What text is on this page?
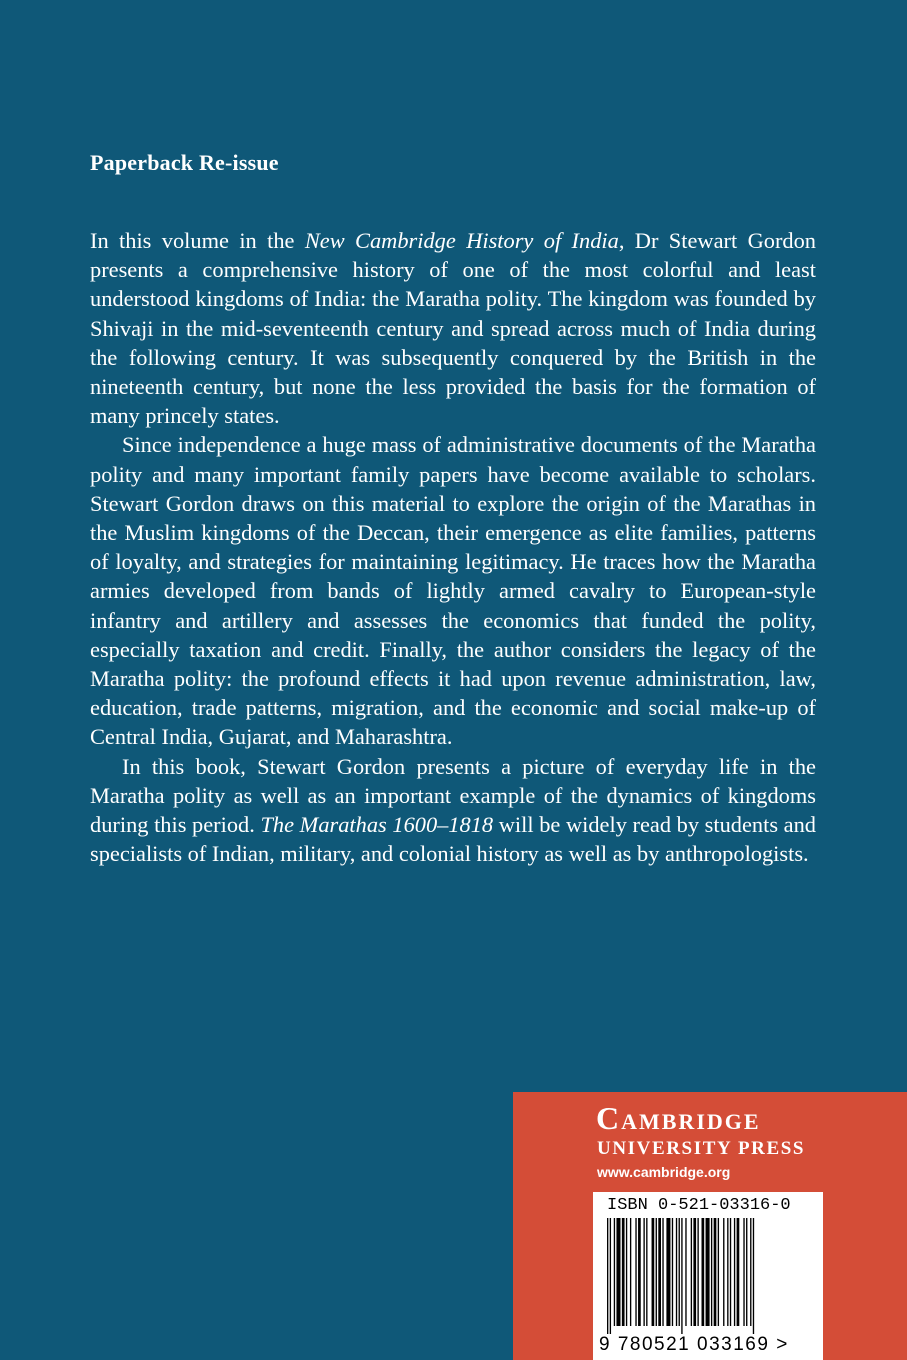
Paperback Re-issue

In this volume in the New Cambridge History of India, Dr Stewart Gordon presents a comprehensive history of one of the most colorful and least understood kingdoms of India: the Maratha polity. The kingdom was founded by Shivaji in the mid-seventeenth century and spread across much of India during the following century. It was subsequently conquered by the British in the nineteenth century, but none the less provided the basis for the formation of many princely states.

Since independence a huge mass of administrative documents of the Maratha polity and many important family papers have become available to scholars. Stewart Gordon draws on this material to explore the origin of the Marathas in the Muslim kingdoms of the Deccan, their emergence as elite families, patterns of loyalty, and strategies for maintaining legitimacy. He traces how the Maratha armies developed from bands of lightly armed cavalry to European-style infantry and artillery and assesses the economics that funded the polity, especially taxation and credit. Finally, the author considers the legacy of the Maratha polity: the profound effects it had upon revenue administration, law, education, trade patterns, migration, and the economic and social make-up of Central India, Gujarat, and Maharashtra.

In this book, Stewart Gordon presents a picture of everyday life in the Maratha polity as well as an important example of the dynamics of kingdoms during this period. The Marathas 1600–1818 will be widely read by students and specialists of Indian, military, and colonial history as well as by anthropologists.

Cambridge
UNIVERSITY PRESS
www.cambridge.org
ISBN 0-521-03316-0
9 780521 033169 >
